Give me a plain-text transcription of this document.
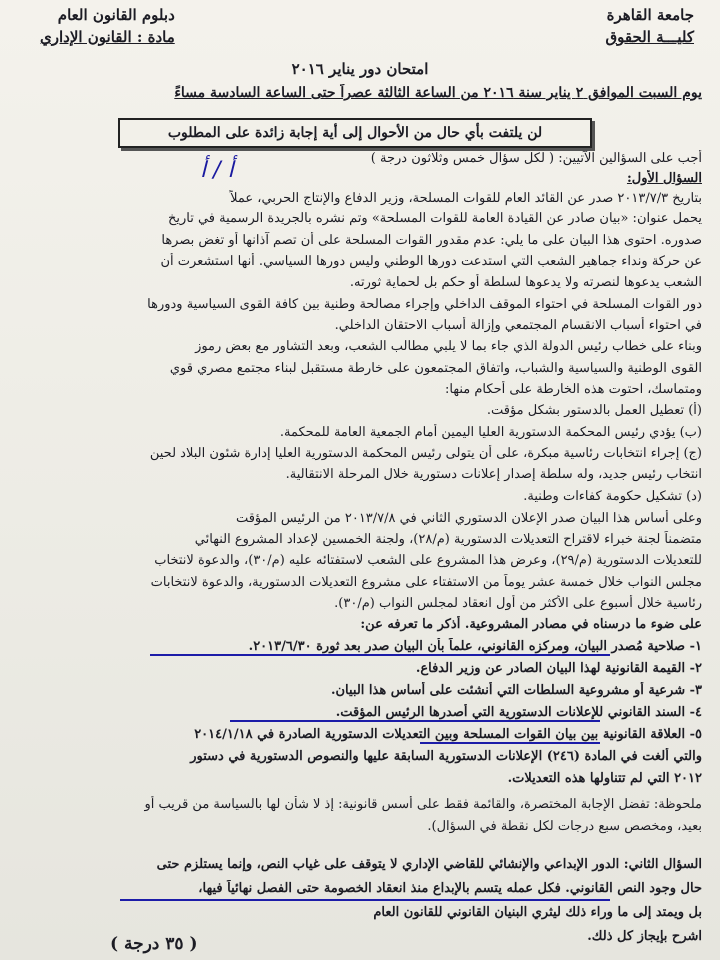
جامعة القاهرة
كليـــة الحقوق
دبلوم القانون العام
مادة : القانون الإداري
امتحان دور يناير ٢٠١٦
يوم السبت الموافق ٢ يناير سنة ٢٠١٦ من الساعة الثالثة عصراً حتى الساعة السادسة مساءً
لن يلتفت بأي حال من الأحوال إلى أية إجابة زائدة على المطلوب
أجب على السؤالين الآتيين: ( لكل سؤال خمس وثلاثون درجة )
أ / أ	السؤال الأول:
بتاريخ ٢٠١٣/٧/٣ صدر عن القائد العام للقوات المسلحة، وزير الدفاع والإنتاج الحربي، عملاً
يحمل عنوان: «بيان صادر عن القيادة العامة للقوات المسلحة» وتم نشره بالجريدة الرسمية في تاريخ
صدوره. احتوى هذا البيان على ما يلي: عدم مقدور القوات المسلحة على أن تصم آذانها أو تغض بصرها
عن حركة ونداء جماهير الشعب التي استدعت دورها الوطني وليس دورها السياسي. أنها استشعرت أن
الشعب يدعوها لنصرته ولا يدعوها لسلطة أو حكم بل لحماية ثورته.
دور القوات المسلحة في احتواء الموقف الداخلي وإجراء مصالحة وطنية بين كافة القوى السياسية ودورها
في احتواء أسباب الانقسام المجتمعي وإزالة أسباب الاحتقان الداخلي.
وبناء على خطاب رئيس الدولة الذي جاء بما لا يلبي مطالب الشعب، وبعد التشاور مع بعض رموز
القوى الوطنية والسياسية والشباب، واتفاق المجتمعون على خارطة مستقبل لبناء مجتمع مصري قوي
ومتماسك، احتوت هذه الخارطة على أحكام منها:
(أ) تعطيل العمل بالدستور بشكل مؤقت.
(ب) يؤدي رئيس المحكمة الدستورية العليا اليمين أمام الجمعية العامة للمحكمة.
(ج) إجراء انتخابات رئاسية مبكرة، على أن يتولى رئيس المحكمة الدستورية العليا إدارة شئون البلاد لحين
انتخاب رئيس جديد، وله سلطة إصدار إعلانات دستورية خلال المرحلة الانتقالية.
(د) تشكيل حكومة كفاءات وطنية.
وعلى أساس هذا البيان صدر الإعلان الدستوري الثاني في ٢٠١٣/٧/٨ من الرئيس المؤقت
متضمناً لجنة خبراء لاقتراح التعديلات الدستورية (م/٢٨)، ولجنة الخمسين لإعداد المشروع النهائي
للتعديلات الدستورية (م/٢٩)، وعرض هذا المشروع على الشعب لاستفتائه عليه (م/٣٠)، والدعوة لانتخاب
مجلس النواب خلال خمسة عشر يوماً من الاستفتاء على مشروع التعديلات الدستورية، والدعوة لانتخابات
رئاسية خلال أسبوع على الأكثر من أول انعقاد لمجلس النواب (م/٣٠).
على ضوء ما درسناه في مصادر المشروعية. أذكر ما تعرفه عن:
١- صلاحية مُصدر البيان، ومركزه القانوني، علماً بأن البيان صدر بعد ثورة ٢٠١٣/٦/٣٠.
٢- القيمة القانونية لهذا البيان الصادر عن وزير الدفاع.
٣- شرعية أو مشروعية السلطات التي أنشئت على أساس هذا البيان.
٤- السند القانوني للإعلانات الدستورية التي أصدرها الرئيس المؤقت.
٥- العلاقة القانونية بين بيان القوات المسلحة وبين التعديلات الدستورية الصادرة في ٢٠١٤/١/١٨
والتي ألغت في المادة (٢٤٦) الإعلانات الدستورية السابقة عليها والنصوص الدستورية في دستور
٢٠١٢ التي لم تتناولها هذه التعديلات.
ملحوظة: تفضل الإجابة المختصرة، والقائمة فقط على أسس قانونية: إذ لا شأن لها بالسياسة من قريب أو
بعيد، ومخصص سبع درجات لكل نقطة في السؤال).
السؤال الثاني: الدور الإبداعي والإنشائي للقاضي الإداري لا يتوقف على غياب النص، وإنما يستلزم حتى
حال وجود النص القانوني. فكل عمله يتسم بالإبداع منذ انعقاد الخصومة حتى الفصل نهائياً فيها،
بل ويمتد إلى ما وراء ذلك ليثري البنيان القانوني للقانون العام
اشرح بإيجاز كل ذلك.
( ٣٥ درجة )
